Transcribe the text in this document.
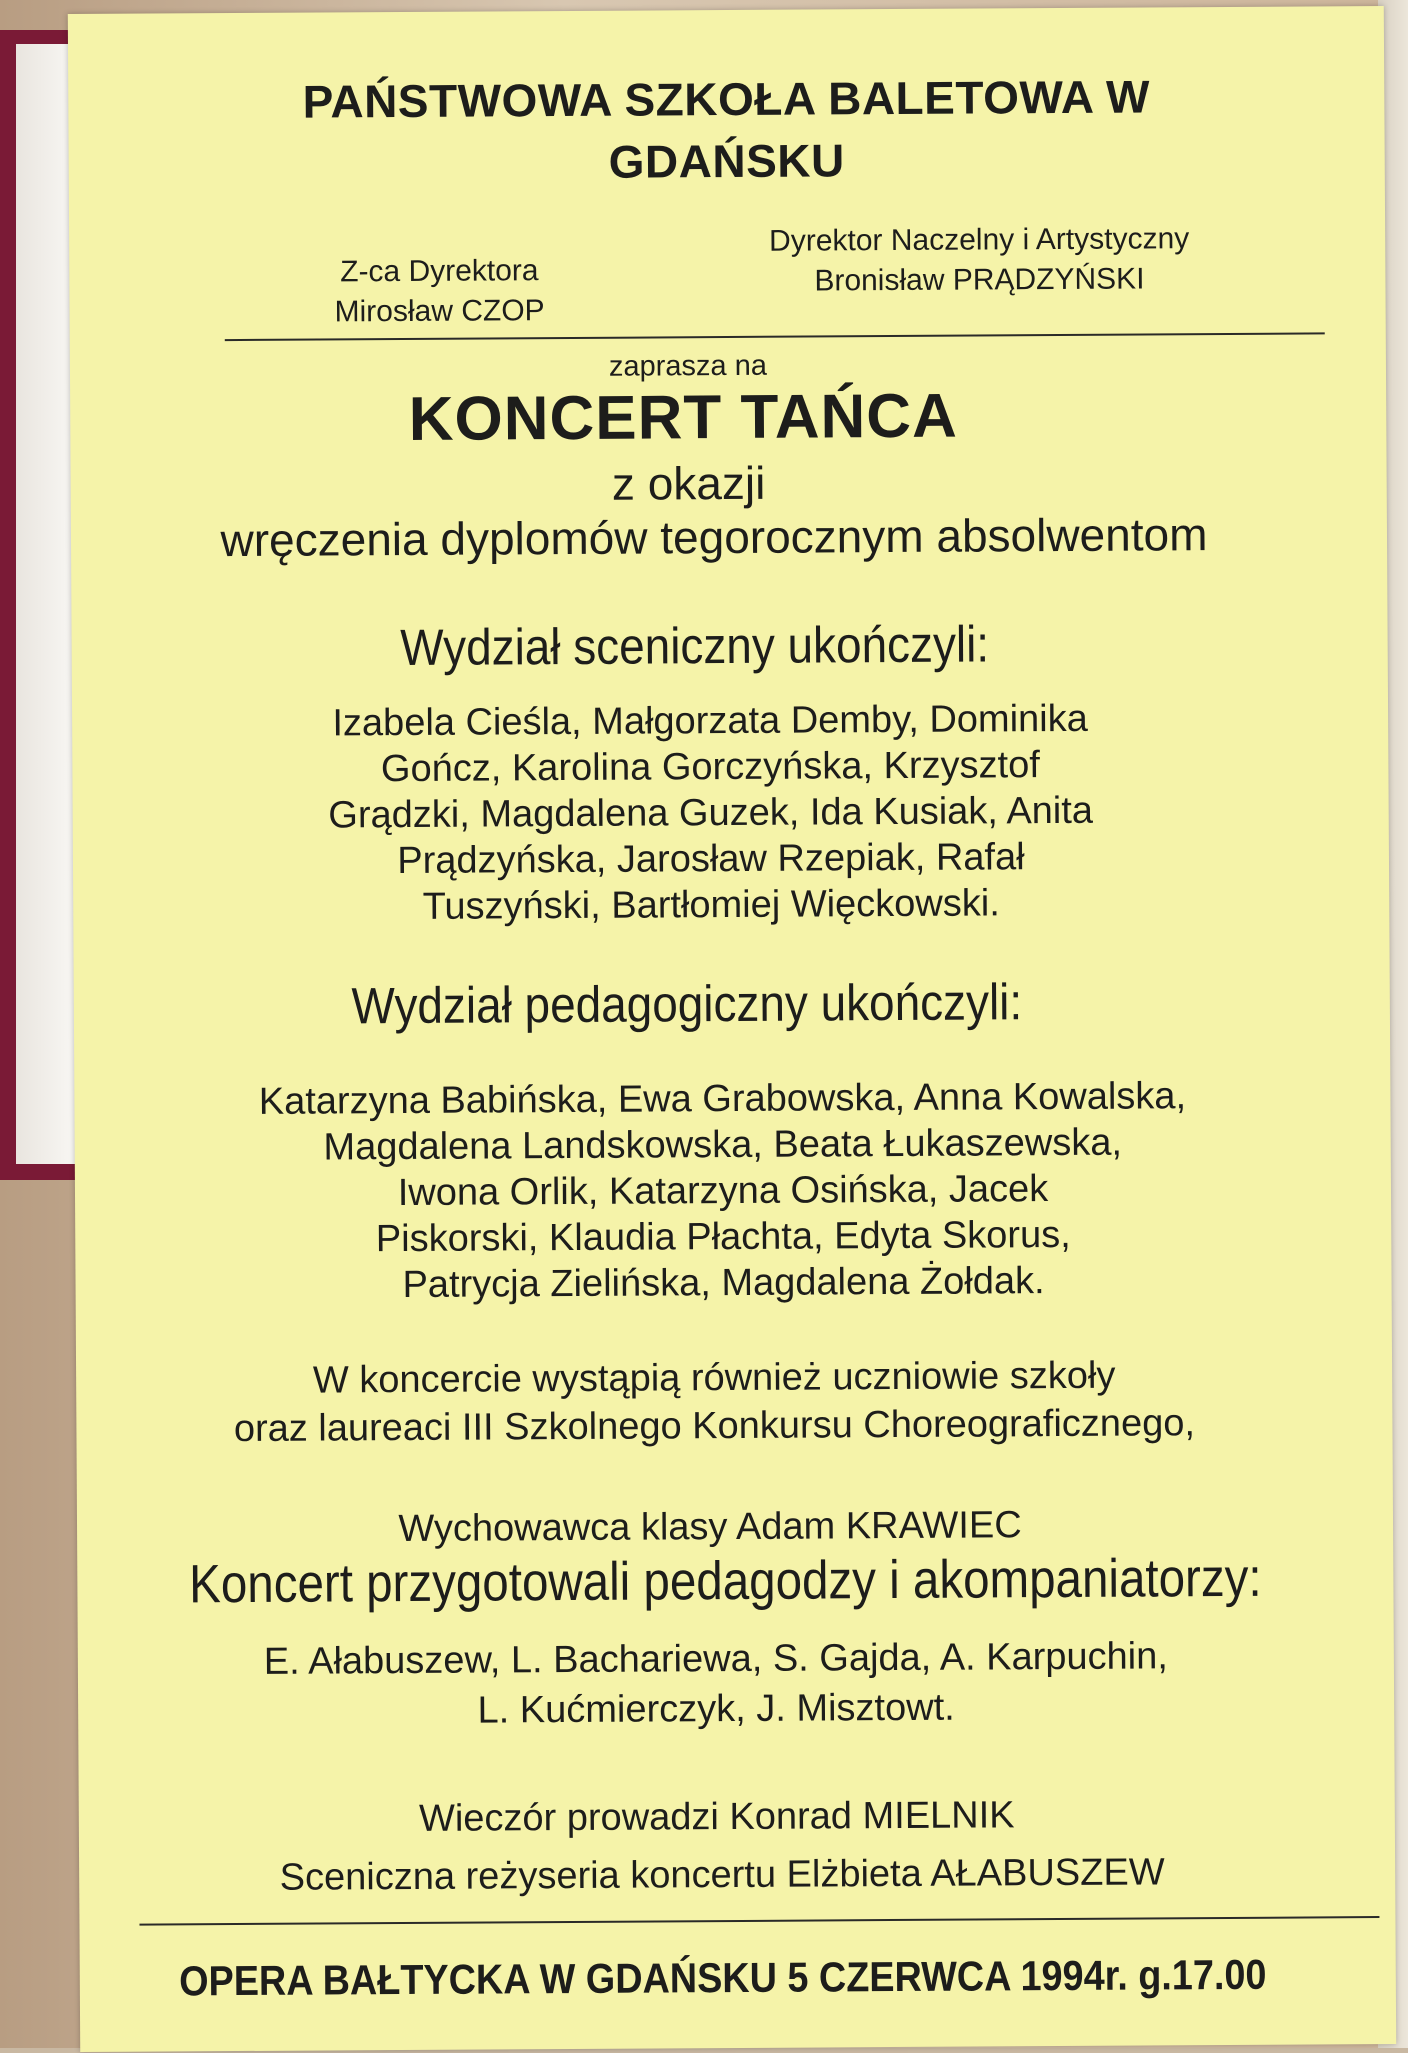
PAŃSTWOWA SZKOŁA BALETOWA W

GDAŃSKU

Z-ca Dyrektora
Mirosław CZOP
Dyrektor Naczelny i Artystyczny
Bronisław PRĄDZYŃSKI

zaprasza na

KONCERT TAŃCA

z okazji

wręczenia dyplomów tegorocznym absolwentom

Wydział sceniczny ukończyli:

Izabela Cieśla, Małgorzata Demby, Dominika
Gończ, Karolina Gorczyńska, Krzysztof
Grądzki, Magdalena Guzek, Ida Kusiak, Anita
Prądzyńska, Jarosław Rzepiak, Rafał
Tuszyński, Bartłomiej Więckowski.

Wydział pedagogiczny ukończyli:

Katarzyna Babińska, Ewa Grabowska, Anna Kowalska,
Magdalena Landskowska, Beata Łukaszewska,
Iwona Orlik, Katarzyna Osińska, Jacek
Piskorski, Klaudia Płachta, Edyta Skorus,
Patrycja Zielińska, Magdalena Żołdak.
W koncercie wystąpią również uczniowie szkoły
oraz laureaci III Szkolnego Konkursu Choreograficznego,

Wychowawca klasy Adam KRAWIEC

Koncert przygotowali pedagodzy i akompaniatorzy:

E. Ałabuszew, L. Bachariewa, S. Gajda, A. Karpuchin,
L. Kućmierczyk, J. Misztowt.

Wieczór prowadzi Konrad MIELNIK

Sceniczna reżyseria koncertu Elżbieta AŁABUSZEW

OPERA BAŁTYCKA W GDAŃSKU 5 CZERWCA 1994r. g.17.00
